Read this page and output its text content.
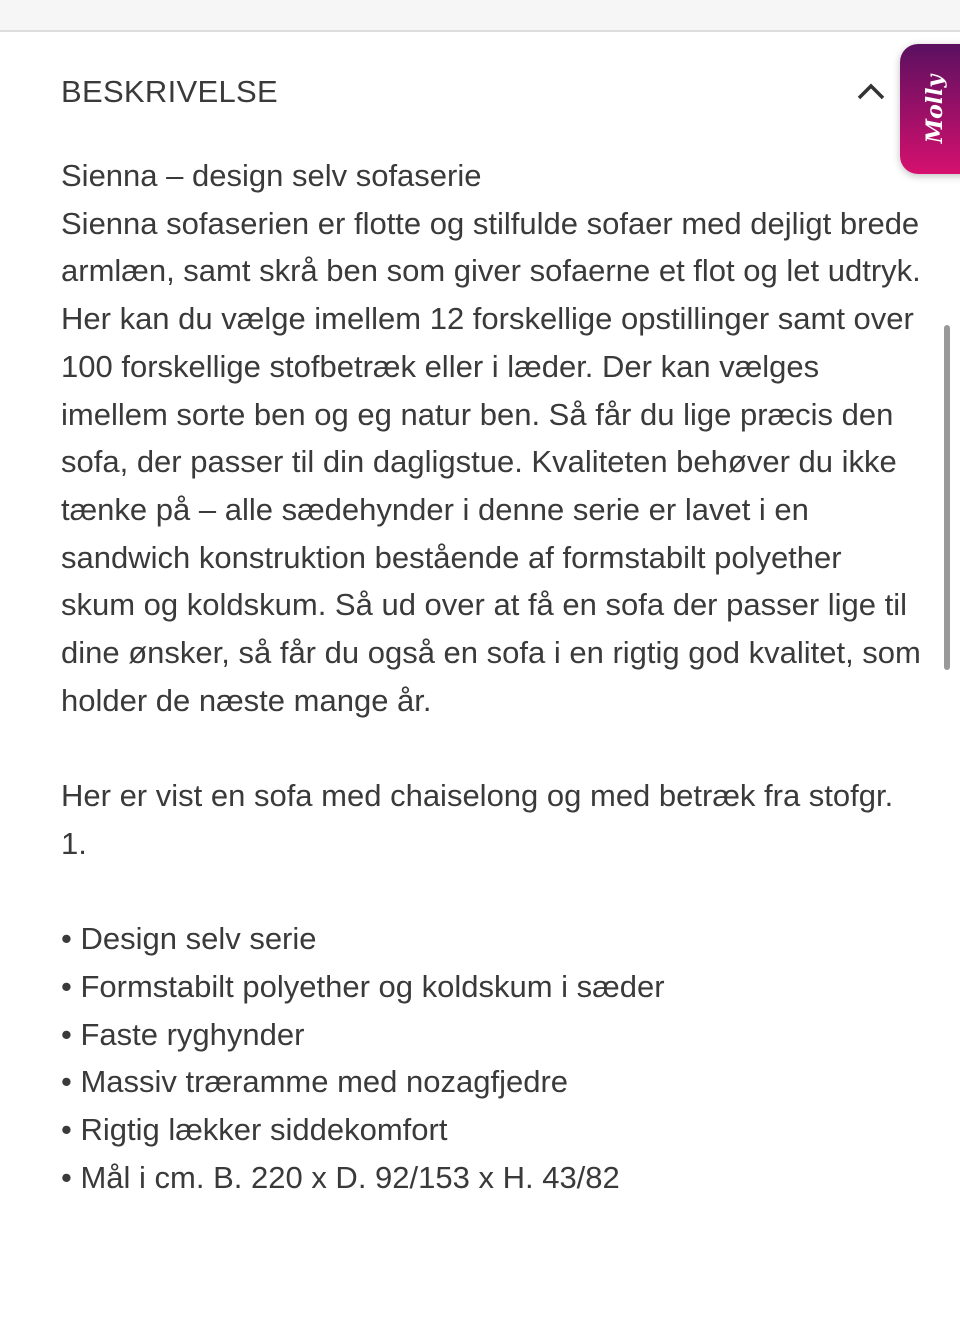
BESKRIVELSE	Molly

Sienna – design selv sofaserie

Sienna sofaserien er flotte og stilfulde sofaer med dejligt brede armlæn, samt skrå ben som giver sofaerne et flot og let udtryk. Her kan du vælge imellem 12 forskellige opstillinger samt over 100 forskellige stofbetræk eller i læder. Der kan vælges imellem sorte ben og eg natur ben. Så får du lige præcis den sofa, der passer til din dagligstue. Kvaliteten behøver du ikke tænke på – alle sædehynder i denne serie er lavet i en sandwich konstruktion bestående af formstabilt polyether skum og koldskum. Så ud over at få en sofa der passer lige til dine ønsker, så får du også en sofa i en rigtig god kvalitet, som holder de næste mange år.

Her er vist en sofa med chaiselong og med betræk fra stofgr. 1.

• Design selv serie
• Formstabilt polyether og koldskum i sæder
• Faste ryghynder
• Massiv træramme med nozagfjedre
• Rigtig lækker siddekomfort
• Mål i cm. B. 220 x D. 92/153 x H. 43/82
